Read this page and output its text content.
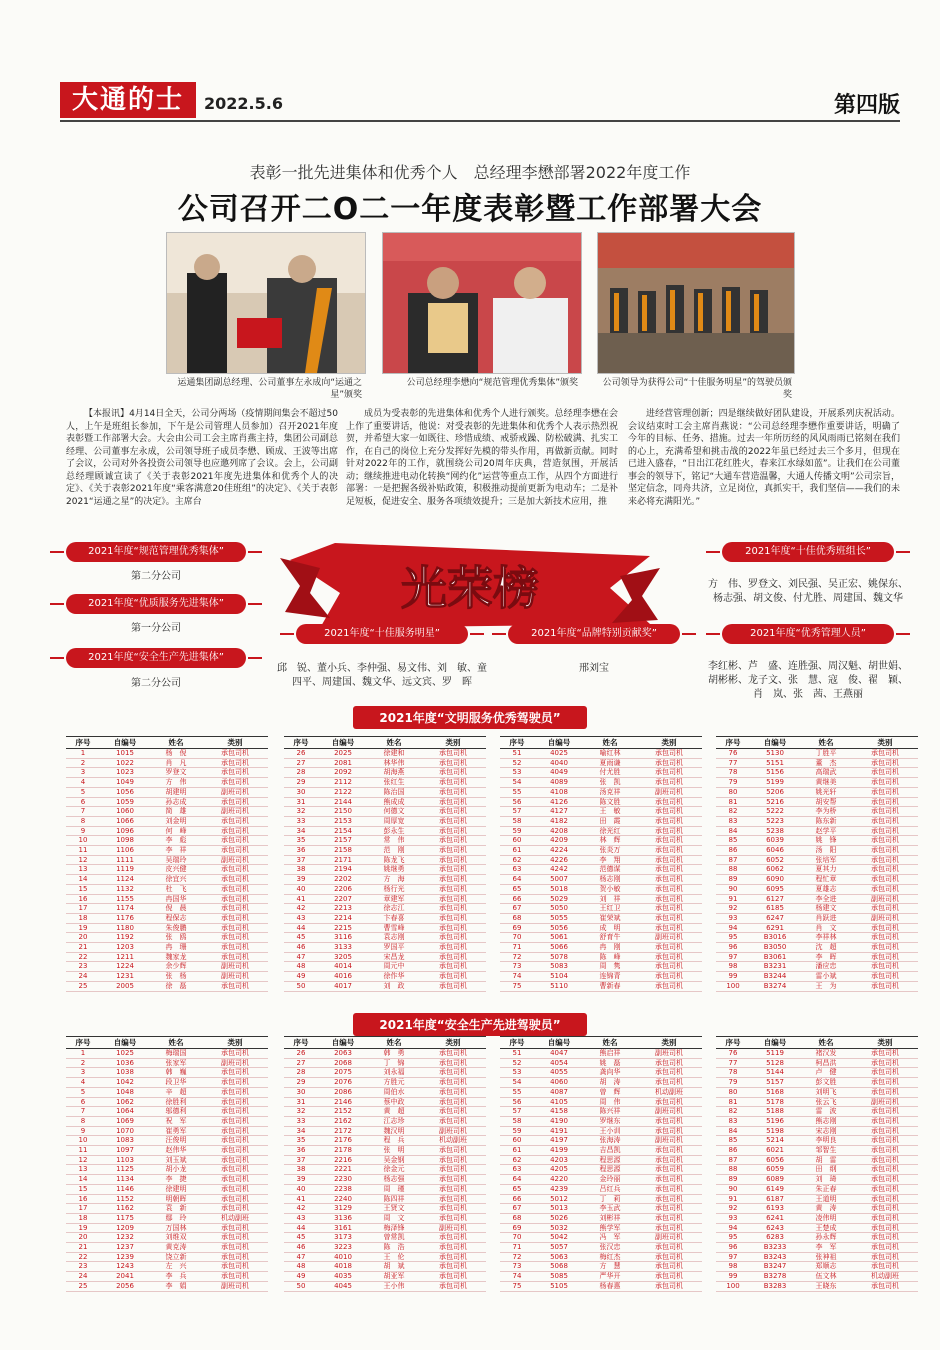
大通的士	2022.5.6	第四版
表彰一批先进集体和优秀个人　总经理李懋部署2022年度工作
公司召开二O二一年度表彰暨工作部署大会
运通集团副总经理、公司董事左永成向“运通之星”颁奖
公司总经理李懋向“规范管理优秀集体”颁奖	公司领导为获得公司“十佳服务明星”的驾驶员颁奖

【本报讯】4月14日全天，公司分两场（疫情期间集会不超过50人，上午是班组长参加，下午是公司管理人员参加）召开2021年度表彰暨工作部署大会。大会由公司工会主席肖燕主持，集团公司副总经理、公司董事左永成，公司领导班子成员李懋、顾成、王波等出席了会议，公司对外各投资公司领导也应邀列席了会议。会上，公司副总经理顾诚宣读了《关于表彰2021年度先进集体和优秀个人的决定》、《关于表彰2021年度“乘客满意20佳班组”的决定》、《关于表彰2021“运通之星”的决定》。主席台

成员为受表彰的先进集体和优秀个人进行颁奖。总经理李懋在会上作了重要讲话，他说：对受表彰的先进集体和优秀个人表示热烈祝贺，并希望大家一如既往、珍惜成绩、戒骄戒躁、防松破满、扎实工作，在自己的岗位上充分发挥好先模的带头作用，再做新贡献。同时针对2022年的工作，就围绕公司20周年庆典，营造氛围，开展活动；继续推进电动化转换“网约化”运营等重点工作，从四个方面进行部署：一是把握各级补贴政策，积极推动提前更新为电动车；二是补足短板，促进安全、服务各项绩效提升；三是加大新技术应用，推

进经营管理创新；四是继续做好团队建设，开展系列庆祝活动。会议结束时工会主席肖燕说：“公司总经理李懋作重要讲话，明确了今年的目标、任务、措施。过去一年所历经的风风雨雨已铭刻在我们的心上，充满希望和挑击战的2022年虽已经过去三个多月，但现在已进入盛春，“日出江花红胜火，春来江水绿如蓝”。让我们在公司董事会的领导下，铭记“大通车营造温馨，大通人传播文明”公司宗旨，坚定信念，同舟共济，立足岗位，真抓实干，我们坚信——我们的未来必将充满阳光。”

光荣榜
2021年度“规范管理优秀集体”
第二分公司
2021年度“优质服务先进集体”
第一分公司
2021年度“安全生产先进集体”
第二分公司
2021年度“十佳服务明星”
邱　锐、董小兵、李仲强、易文伟、刘　敏、童四平、周建国、魏文华、远文宾、罗　晖
2021年度“品牌特别贡献奖”
邢刘宝
2021年度“十佳优秀班组长”
方　伟、罗登文、刘民强、吴正宏、姚保东、杨志强、胡文俊、付尤胜、周建国、魏文华
2021年度“优秀管理人员”
李红彬、芦　盛、连胜强、周汉魁、胡世娟、胡彬彬、龙子文、张　慧、寇　俊、翟　颖、肖　岚、张　茜、王燕丽
2021年度“文明服务优秀驾驶员”
序号	自编号	姓名	类别
1	1015	杨　倪	承包司机
2	1022	肖　凡	承包司机
3	1023	罗登文	承包司机
4	1049	方　伟	承包司机
5	1056	胡建明	副班司机
6	1059	孙志成	承包司机
7	1060	简　雄	副班司机
8	1066	刘金明	承包司机
9	1096	何　峰	承包司机
10	1098	李　彪	承包司机
11	1106	李　祥	承包司机
12	1111	吴瑞玲	副班司机
13	1119	皮兴健	承包司机
14	1124	徐宜兴	承包司机
15	1132	杜　飞	承包司机
16	1155	冉国华	承包司机
17	1174	倪　晨	承包司机
18	1176	程保志	承包司机
19	1180	朱俊鹏	承包司机
20	1192	张　鸥	承包司机
21	1203	冉　珊	承包司机
22	1211	魏家龙	承包司机
23	1224	余少辉	副班司机
24	1231	张　杨	副班司机
25	2005	徐　磊	承包司机
序号	自编号	姓名	类别
26	2025	徐建和	承包司机
27	2081	林华伟	承包司机
28	2092	胡海燕	承包司机
29	2112	张红生	承包司机
30	2122	陈治国	承包司机
31	2144	熊成成	承包司机
32	2150	何德文	承包司机
33	2153	周厚宽	承包司机
34	2154	彭永生	承包司机
35	2157	常　伟	承包司机
36	2158	范　刚	承包司机
37	2171	陈龙飞	承包司机
38	2194	姚继勇	承包司机
39	2202	方　海	承包司机
40	2206	杨行光	承包司机
41	2207	章建军	承包司机
42	2213	徐志江	承包司机
43	2214	卞春喜	承包司机
44	2215	曹雪峰	承包司机
45	3116	袁志刚	承包司机
46	3133	罗国平	承包司机
47	3205	宋昌龙	承包司机
48	4014	周元中	承包司机
49	4016	徐作华	承包司机
50	4017	刘　政	承包司机
序号	自编号	姓名	类别
51	4025	喻红林	承包司机
52	4040	夏雨谦	承包司机
53	4049	付尤胜	承包司机
54	4089	张　凯	承包司机
55	4108	汤克祥	副班司机
56	4126	陈文胜	承包司机
57	4127	王　敏	承包司机
58	4182	田　霞	承包司机
59	4208	徐光红	承包司机
60	4209	林　辉	承包司机
61	4224	张炎万	承包司机
62	4226	李　翔	承包司机
63	4242	范德谋	承包司机
64	5007	杨志刚	承包司机
65	5018	贺小敏	承包司机
66	5029	刘　祥	承包司机
67	5050	王红卫	承包司机
68	5055	崔荣斌	承包司机
69	5056	成　明	承包司机
70	5061	舒育牛	副班司机
71	5066	冉　刚	承包司机
72	5078	陈　峰	承包司机
73	5083	周　隽	承包司机
74	5104	连锦青	承包司机
75	5110	曹新春	承包司机
序号	自编号	姓名	类别
76	5130	丁胜平	承包司机
77	5151	董　杰	承包司机
78	5156	高瑞武	承包司机
79	5199	黄继美	承包司机
80	5206	姚光轩	承包司机
81	5216	胡安帮	承包司机
82	5222	李为桥	承包司机
83	5223	陈东新	承包司机
84	5238	赵学平	承包司机
85	6039	姚　锋	承包司机
86	6046	汤　阳	承包司机
87	6052	张培军	承包司机
88	6062	夏其力	承包司机
89	6090	程忙章	承包司机
90	6095	夏雄志	承包司机
91	6127	李全进	副班司机
92	6185	杨建文	承包司机
93	6247	肖跃进	副班司机
94	6291	肖　文	承包司机
95	B3016	李祥林	承包司机
96	B3050	沈　超	承包司机
97	B3061	李　晖	承包司机
98	B3231	潘应忠	承包司机
99	B3244	雷小斌	承包司机
100	B3274	王　为	承包司机
2021年度“安全生产先进驾驶员”
序号	自编号	姓名	类别
1	1025	梅瑞国	承包司机
2	1036	张家军	副班司机
3	1038	韩　巍	承包司机
4	1042	段卫华	承包司机
5	1048	辛　超	承包司机
6	1062	徐胜利	承包司机
7	1064	邬德利	承包司机
8	1069	祝　军	承包司机
9	1070	崔勇军	承包司机
10	1083	汪俊明	承包司机
11	1097	赵伟华	承包司机
12	1103	刘玉斌	承包司机
13	1125	胡小龙	承包司机
14	1134	李　捷	承包司机
15	1146	徐建明	承包司机
16	1152	明朝晖	承包司机
17	1162	袁　新	承包司机
18	1175	鄢　玲	机动副班
19	1209	万国林	承包司机
20	1232	刘维双	承包司机
21	1237	黄克涛	承包司机
22	1239	饶立新	承包司机
23	1243	左　兴	承包司机
24	2041	李　兵	承包司机
25	2056	李　娟	副班司机
序号	自编号	姓名	类别
26	2063	韩　勇	承包司机
27	2068	丁　锦	承包司机
28	2075	刘永福	承包司机
29	2076	方胜元	承包司机
30	2086	周伯水	承包司机
31	2146	蔡中政	承包司机
32	2152	黄　超	承包司机
33	2162	江志珍	承包司机
34	2172	魏汉明	副班司机
35	2176	程　兵	机动副班
36	2178	张　明	承包司机
37	2216	吴金钢	承包司机
38	2221	徐金元	承包司机
39	2230	杨志强	承包司机
40	2238	周　瑾	承包司机
41	2240	陈四祥	承包司机
42	3129	王贤文	承包司机
43	3136	周　文	承包司机
44	3161	梅泽锋	副班司机
45	3173	曾常凯	承包司机
46	3223	陈　浩	承包司机
47	4010	王　伦	承包司机
48	4018	胡　斌	承包司机
49	4035	胡亚军	承包司机
50	4045	王小伟	承包司机
序号	自编号	姓名	类别
51	4047	熊启祥	副班司机
52	4054	姚　磊	承包司机
53	4055	龚向华	承包司机
54	4060	胡　涛	承包司机
55	4087	曾　辉	机动副班
56	4105	周　伟	承包司机
57	4158	陈兴祥	副班司机
58	4190	罗继东	承包司机
59	4191	王小训	承包司机
60	4197	张海涛	副班司机
61	4199	吉昌凯	承包司机
62	4203	程思源	承包司机
63	4205	程思源	承包司机
64	4220	金玲丽	承包司机
65	4239	吕红兵	承包司机
66	5012	丁　莉	承包司机
67	5013	李玉武	承包司机
68	5026	刘彬祥	承包司机
69	5032	熊学军	承包司机
70	5042	冯　军	副班司机
71	5057	张汉忠	承包司机
72	5063	梅红杰	承包司机
73	5068	方　慧	承包司机
74	5085	严华开	承包司机
75	5105	杨春惠	承包司机
序号	自编号	姓名	类别
76	5119	褚汉发	承包司机
77	5128	柯昌洪	承包司机
78	5144	卢　健	承包司机
79	5157	彭文胜	承包司机
80	5168	刘明飞	承包司机
81	5178	张云飞	副班司机
82	5188	雷　波	承包司机
83	5196	熊志刚	承包司机
84	5198	宋志刚	承包司机
85	5214	李明良	承包司机
86	6021	邹智生	承包司机
87	6056	胡　雷	承包司机
88	6059	田　纲	承包司机
89	6089	刘　琦	承包司机
90	6149	朱正春	承包司机
91	6187	王道明	承包司机
92	6193	黄　涛	承包司机
93	6241	凌伟明	承包司机
94	6243	王楚成	承包司机
95	6283	孙永辉	承包司机
96	B3233	李　军	承包司机
97	B3243	张神祖	承包司机
98	B3247	郑顺志	承包司机
99	B3278	伍文林	机动副班
100	B3283	王晓东	承包司机
